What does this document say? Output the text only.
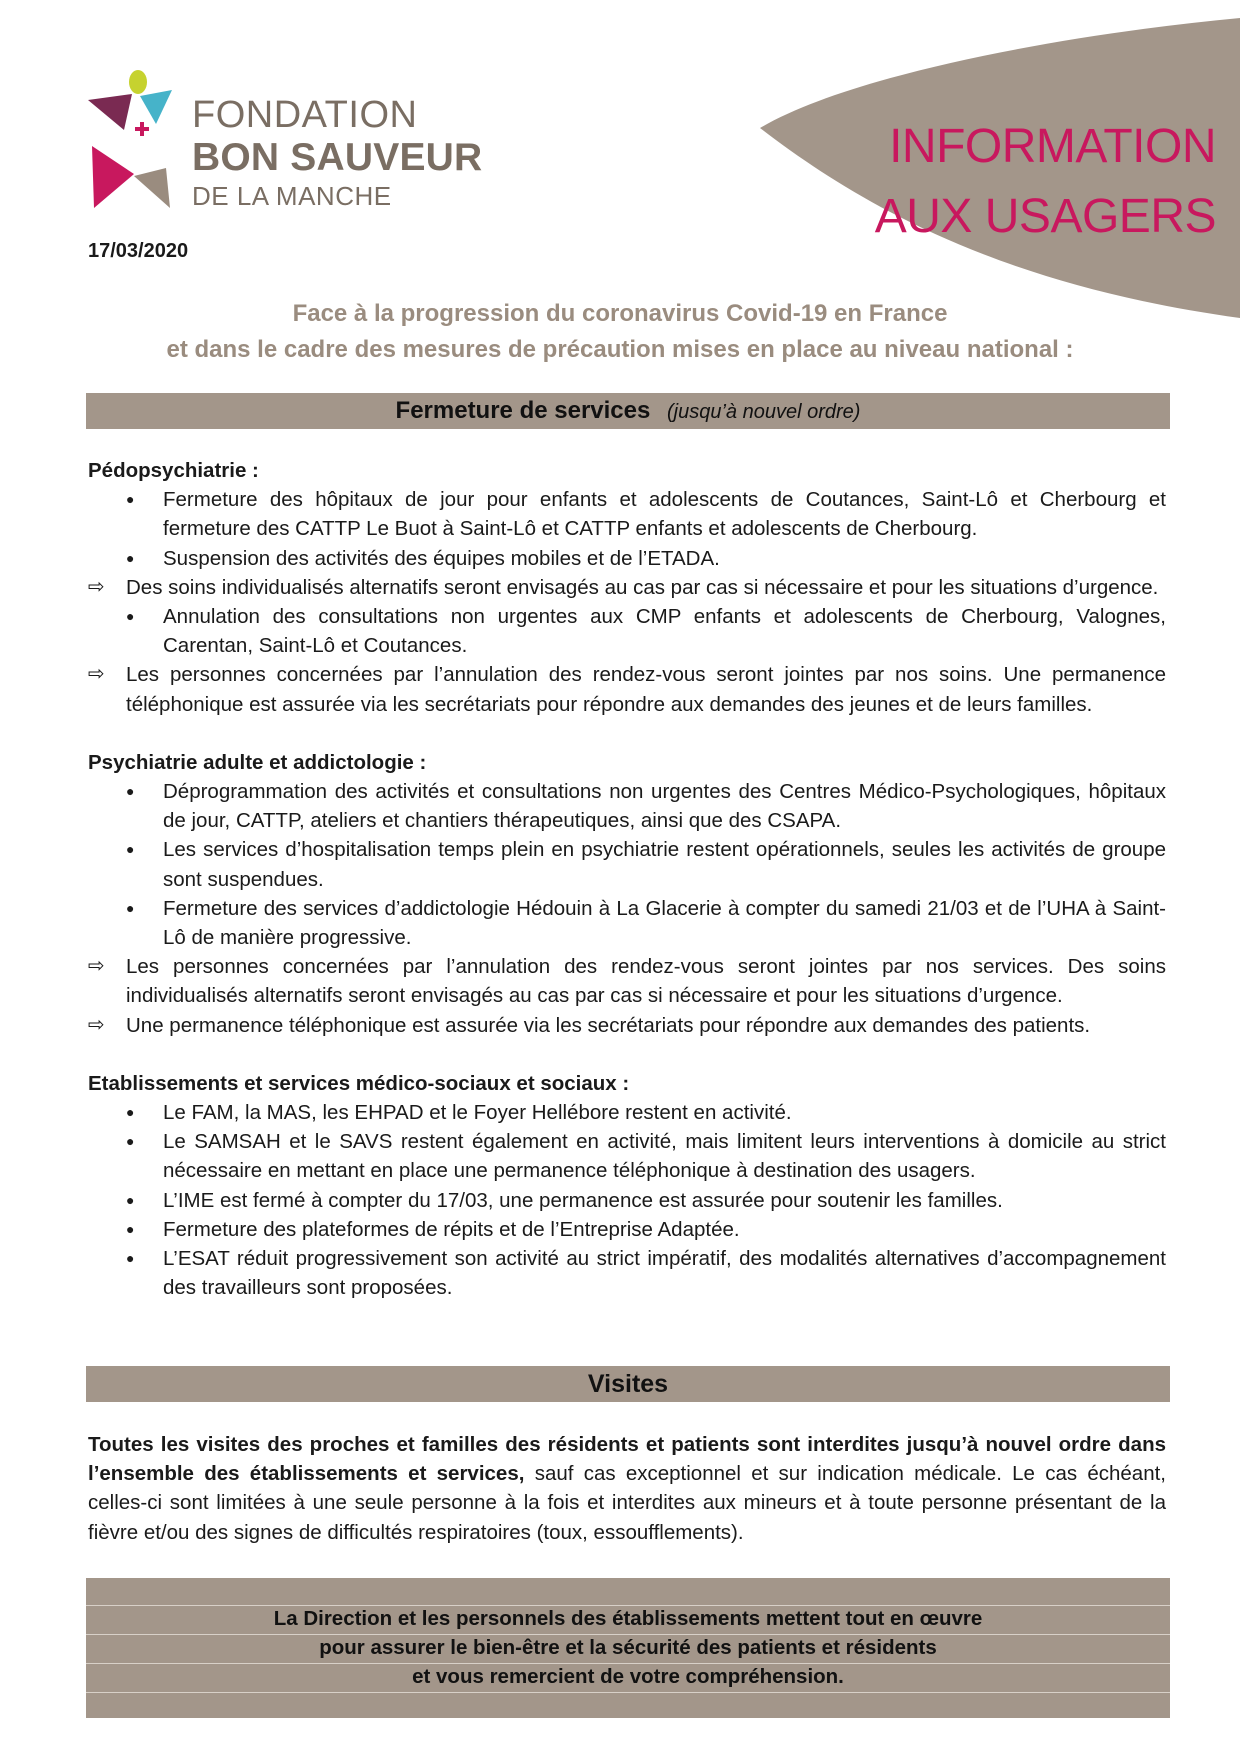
FONDATION
BON SAUVEUR
DE LA MANCHE
INFORMATION
AUX USAGERS
17/03/2020
Face à la progression du coronavirus Covid-19 en France
et dans le cadre des mesures de précaution mises en place au niveau national :
Fermeture de services (jusqu’à nouvel ordre)
Pédopsychiatrie :
● Fermeture des hôpitaux de jour pour enfants et adolescents de Coutances, Saint-Lô et Cherbourg et fermeture des CATTP Le Buot à Saint-Lô et CATTP enfants et adolescents de Cherbourg.
● Suspension des activités des équipes mobiles et de l’ETADA.
⇨ Des soins individualisés alternatifs seront envisagés au cas par cas si nécessaire et pour les situations d’urgence.
● Annulation des consultations non urgentes aux CMP enfants et adolescents de Cherbourg, Valognes, Carentan, Saint-Lô et Coutances.
⇨ Les personnes concernées par l’annulation des rendez-vous seront jointes par nos soins. Une permanence téléphonique est assurée via les secrétariats pour répondre aux demandes des jeunes et de leurs familles.
Psychiatrie adulte et addictologie :
● Déprogrammation des activités et consultations non urgentes des Centres Médico-Psychologiques, hôpitaux de jour, CATTP, ateliers et chantiers thérapeutiques, ainsi que des CSAPA.
● Les services d’hospitalisation temps plein en psychiatrie restent opérationnels, seules les activités de groupe sont suspendues.
● Fermeture des services d’addictologie Hédouin à La Glacerie à compter du samedi 21/03 et de l’UHA à Saint-Lô de manière progressive.
⇨ Les personnes concernées par l’annulation des rendez-vous seront jointes par nos services. Des soins individualisés alternatifs seront envisagés au cas par cas si nécessaire et pour les situations d’urgence.
⇨ Une permanence téléphonique est assurée via les secrétariats pour répondre aux demandes des patients.
Etablissements et services médico-sociaux et sociaux :
● Le FAM, la MAS, les EHPAD et le Foyer Hellébore restent en activité.
● Le SAMSAH et le SAVS restent également en activité, mais limitent leurs interventions à domicile au strict nécessaire en mettant en place une permanence téléphonique à destination des usagers.
● L’IME est fermé à compter du 17/03, une permanence est assurée pour soutenir les familles.
● Fermeture des plateformes de répits et de l’Entreprise Adaptée.
● L’ESAT réduit progressivement son activité au strict impératif, des modalités alternatives d’accompagnement des travailleurs sont proposées.
Visites
Toutes les visites des proches et familles des résidents et patients sont interdites jusqu’à nouvel ordre dans l’ensemble des établissements et services, sauf cas exceptionnel et sur indication médicale. Le cas échéant, celles-ci sont limitées à une seule personne à la fois et interdites aux mineurs et à toute personne présentant de la fièvre et/ou des signes de difficultés respiratoires (toux, essoufflements).
La Direction et les personnels des établissements mettent tout en œuvre
pour assurer le bien-être et la sécurité des patients et résidents
et vous remercient de votre compréhension.
